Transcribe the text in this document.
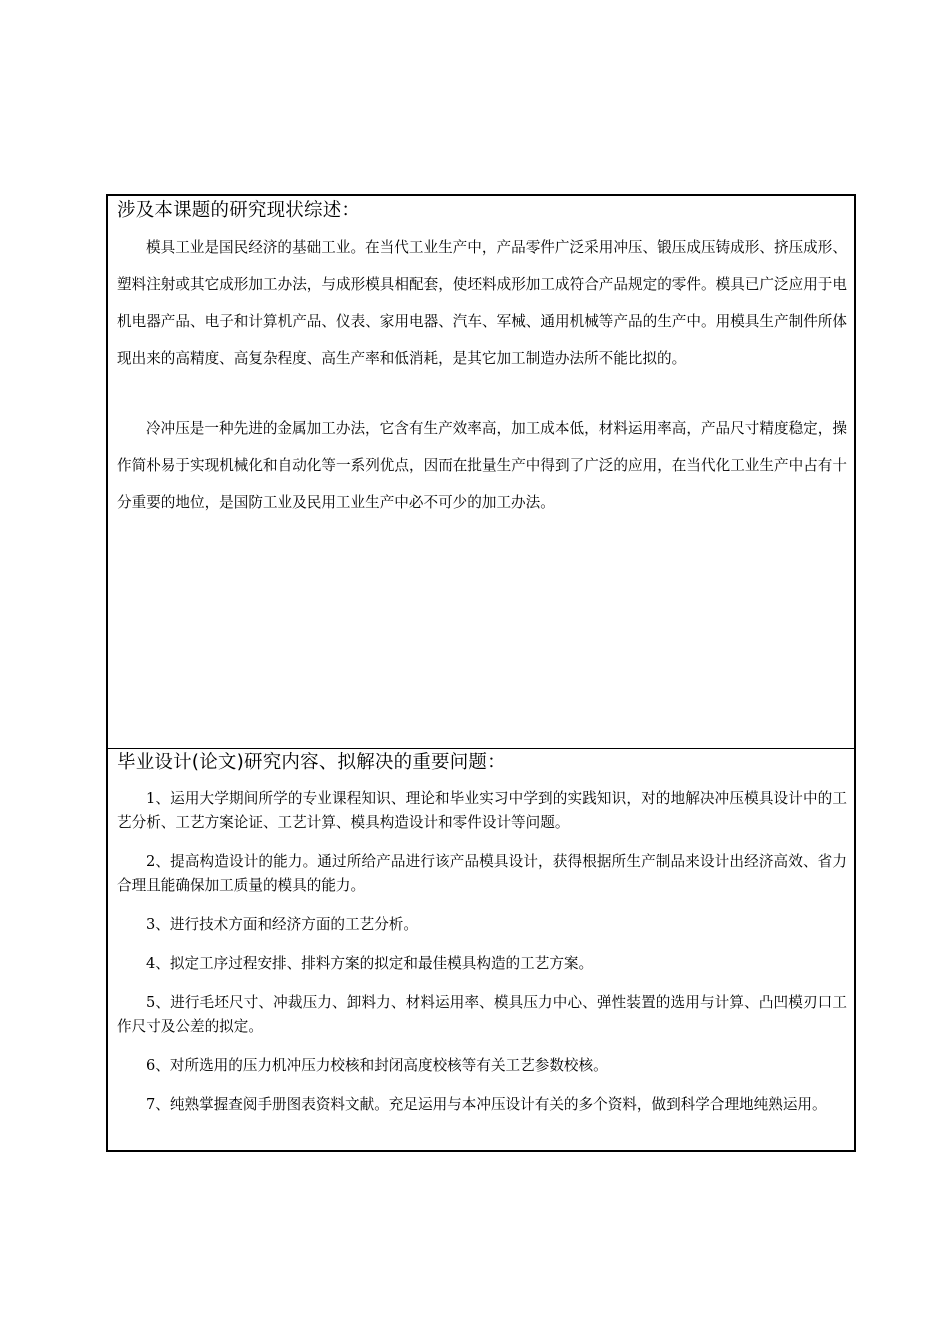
涉及本课题的研究现状综述：

模具工业是国民经济的基础工业。在当代工业生产中，产品零件广泛采用冲压、锻压成压铸成形、挤压成形、塑料注射或其它成形加工办法，与成形模具相配套，使坯料成形加工成符合产品规定的零件。模具已广泛应用于电机电器产品、电子和计算机产品、仪表、家用电器、汽车、军械、通用机械等产品的生产中。用模具生产制件所体现出来的高精度、高复杂程度、高生产率和低消耗，是其它加工制造办法所不能比拟的。

冷冲压是一种先进的金属加工办法，它含有生产效率高，加工成本低，材料运用率高，产品尺寸精度稳定，操作简朴易于实现机械化和自动化等一系列优点，因而在批量生产中得到了广泛的应用，在当代化工业生产中占有十分重要的地位，是国防工业及民用工业生产中必不可少的加工办法。

毕业设计(论文)研究内容、拟解决的重要问题：

1、运用大学期间所学的专业课程知识、理论和毕业实习中学到的实践知识，对的地解决冲压模具设计中的工艺分析、工艺方案论证、工艺计算、模具构造设计和零件设计等问题。

2、提高构造设计的能力。通过所给产品进行该产品模具设计，获得根据所生产制品来设计出经济高效、省力合理且能确保加工质量的模具的能力。

3、进行技术方面和经济方面的工艺分析。

4、拟定工序过程安排、排料方案的拟定和最佳模具构造的工艺方案。

5、进行毛坯尺寸、冲裁压力、卸料力、材料运用率、模具压力中心、弹性装置的选用与计算、凸凹模刃口工作尺寸及公差的拟定。

6、对所选用的压力机冲压力校核和封闭高度校核等有关工艺参数校核。

7、纯熟掌握查阅手册图表资料文献。充足运用与本冲压设计有关的多个资料，做到科学合理地纯熟运用。
